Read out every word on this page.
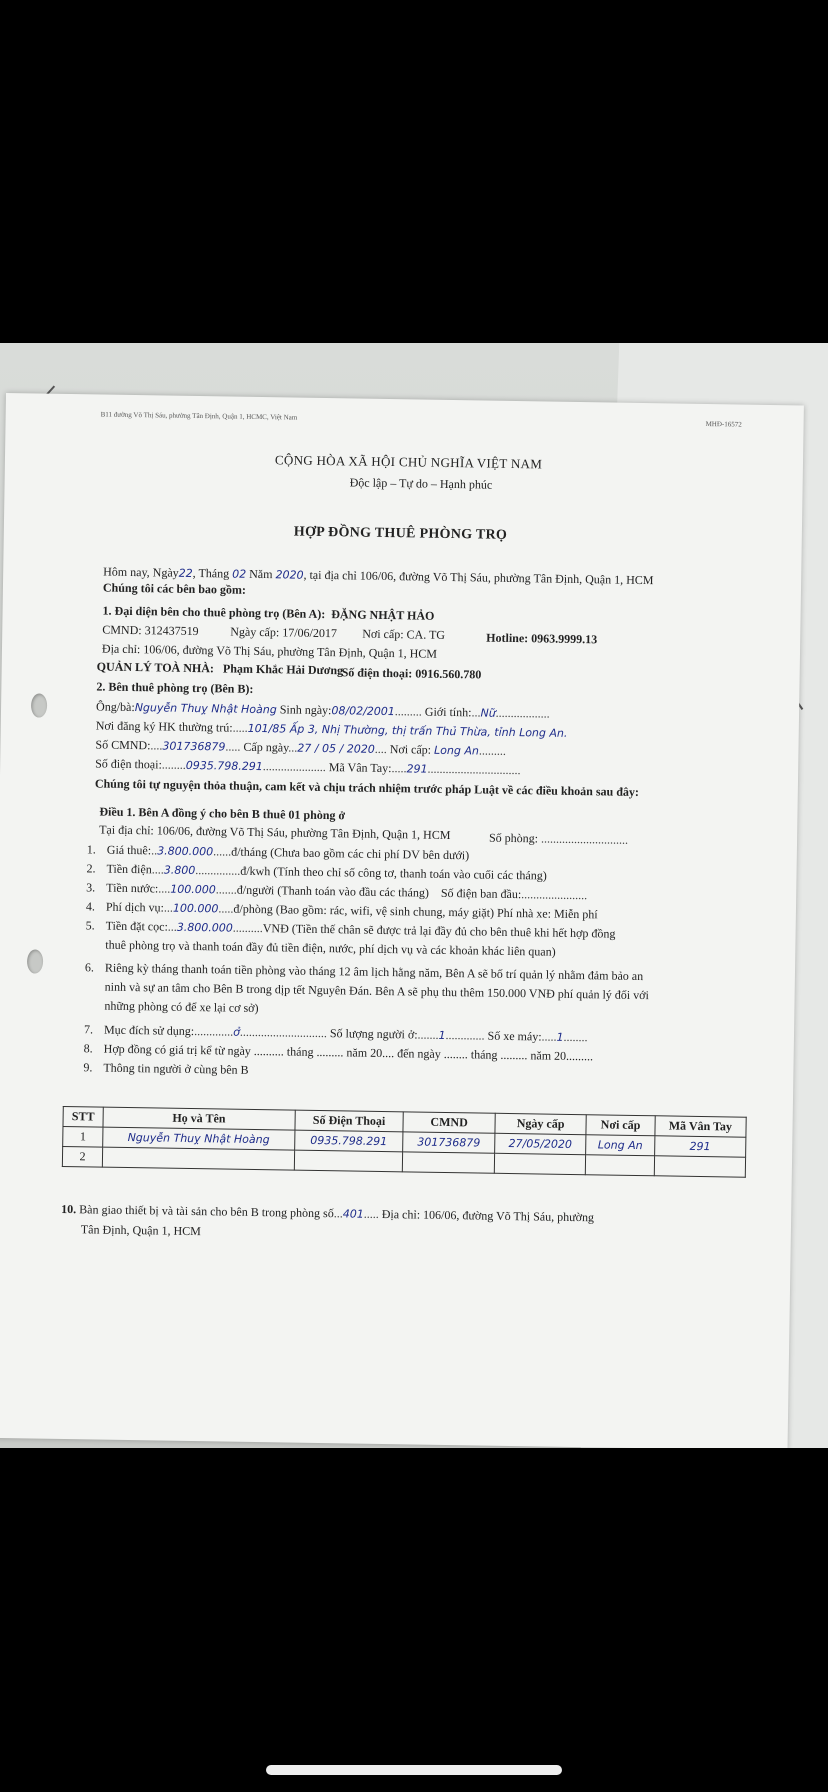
B11 đường Võ Thị Sáu, phường Tân Định, Quận 1, HCMC, Việt Nam
MHĐ-16572
CỘNG HÒA XÃ HỘI CHỦ NGHĨA VIỆT NAM
Độc lập – Tự do – Hạnh phúc
HỢP ĐỒNG THUÊ PHÒNG TRỌ
Hôm nay, Ngày22, Tháng 02 Năm 2020, tại địa chỉ 106/06, đường Võ Thị Sáu, phường Tân Định, Quận 1, HCM
Chúng tôi các bên bao gồm:
1. Đại diện bên cho thuê phòng trọ (Bên A): ĐẶNG NHẬT HẢO
CMND: 312437519	Ngày cấp: 17/06/2017 Nơi cấp: CA. TG	Hotline: 0963.9999.13
Địa chỉ: 106/06, đường Võ Thị Sáu, phường Tân Định, Quận 1, HCM
QUẢN LÝ TOÀ NHÀ: Phạm Khắc Hải Dương
Số điện thoại: 0916.560.780
2. Bên thuê phòng trọ (Bên B):
Ông/bà:Nguyễn Thuỵ Nhật Hoàng Sinh ngày:08/02/2001......... Giới tính:...Nữ..................
Nơi đăng ký HK thường trú:.....101/85 Ấp 3, Nhị Thường, thị trấn Thủ Thừa, tỉnh Long An.
Số CMND:....301736879..... Cấp ngày...27 / 05 / 2020.... Nơi cấp: Long An.........
Số điện thoại:........0935.798.291..................... Mã Vân Tay:.....291...............................
Chúng tôi tự nguyện thỏa thuận, cam kết và chịu trách nhiệm trước pháp Luật về các điều khoản sau đây:
Điều 1. Bên A đồng ý cho bên B thuê 01 phòng ở
Tại địa chỉ: 106/06, đường Võ Thị Sáu, phường Tân Định, Quận 1, HCM	Số phòng: .............................
1. Giá thuê:..3.800.000......đ/tháng (Chưa bao gồm các chi phí DV bên dưới)
2. Tiền điện....3.800...............đ/kwh (Tính theo chỉ số công tơ, thanh toán vào cuối các tháng)
3. Tiền nước:....100.000.......đ/người (Thanh toán vào đầu các tháng) Số điện ban đầu:......................
4. Phí dịch vụ:...100.000.....đ/phòng (Bao gồm: rác, wifi, vệ sinh chung, máy giặt) Phí nhà xe: Miễn phí
5. Tiền đặt cọc:...3.800.000..........VNĐ (Tiền thế chân sẽ được trả lại đầy đủ cho bên thuê khi hết hợp đồng
thuê phòng trọ và thanh toán đầy đủ tiền điện, nước, phí dịch vụ và các khoản khác liên quan)
6. Riêng kỳ tháng thanh toán tiền phòng vào tháng 12 âm lịch hằng năm, Bên A sẽ bố trí quản lý nhằm đảm bảo an
ninh và sự an tâm cho Bên B trong dịp tết Nguyên Đán. Bên A sẽ phụ thu thêm 150.000 VNĐ phí quản lý đối với
những phòng có để xe lại cơ sở)
7. Mục đích sử dụng:.............ở............................. Số lượng người ở:.......1............. Số xe máy:.....1........
8. Hợp đồng có giá trị kể từ ngày .......... tháng ......... năm 20.... đến ngày ........ tháng ......... năm 20.........
9. Thông tin người ở cùng bên B
STT	Họ và Tên	Số Điện Thoại	CMND	Ngày cấp	Nơi cấp	Mã Vân Tay
1	Nguyễn Thuỵ Nhật Hoàng	0935.798.291	301736879	27/05/2020	Long An	291
2						
10. Bàn giao thiết bị và tài sản cho bên B trong phòng số...401..... Địa chỉ: 106/06, đường Võ Thị Sáu, phường
Tân Định, Quận 1, HCM
